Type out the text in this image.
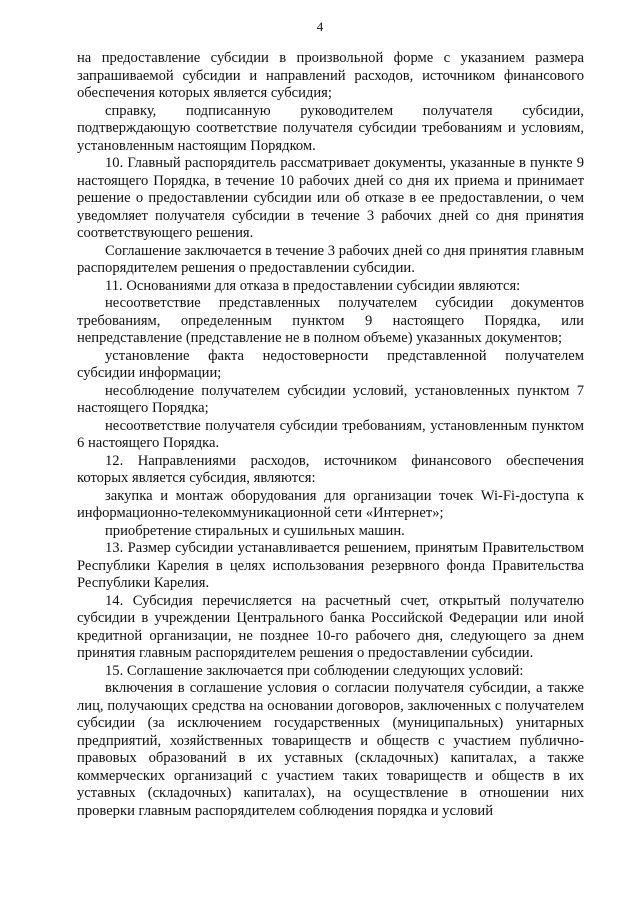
4

на предоставление субсидии в произвольной форме с указанием размера запрашиваемой субсидии и направлений расходов, источником финансового обеспечения которых является субсидия;

справку, подписанную руководителем получателя субсидии, подтверждающую соответствие получателя субсидии требованиям и условиям, установленным настоящим Порядком.

10. Главный распорядитель рассматривает документы, указанные в пункте 9 настоящего Порядка, в течение 10 рабочих дней со дня их приема и принимает решение о предоставлении субсидии или об отказе в ее предоставлении, о чем уведомляет получателя субсидии в течение 3 рабочих дней со дня принятия соответствующего решения.

Соглашение заключается в течение 3 рабочих дней со дня принятия главным распорядителем решения о предоставлении субсидии.

11. Основаниями для отказа в предоставлении субсидии являются:

несоответствие представленных получателем субсидии документов требованиям, определенным пунктом 9 настоящего Порядка, или непредставление (представление не в полном объеме) указанных документов;

установление факта недостоверности представленной получателем субсидии информации;

несоблюдение получателем субсидии условий, установленных пунктом 7 настоящего Порядка;

несоответствие получателя субсидии требованиям, установленным пунктом 6 настоящего Порядка.

12. Направлениями расходов, источником финансового обеспечения которых является субсидия, являются:

закупка и монтаж оборудования для организации точек Wi-Fi-доступа к информационно-телекоммуникационной сети «Интернет»;

приобретение стиральных и сушильных машин.

13. Размер субсидии устанавливается решением, принятым Правительством Республики Карелия в целях использования резервного фонда Правительства Республики Карелия.

14. Субсидия перечисляется на расчетный счет, открытый получателю субсидии в учреждении Центрального банка Российской Федерации или иной кредитной организации, не позднее 10-го рабочего дня, следующего за днем принятия главным распорядителем решения о предоставлении субсидии.

15. Соглашение заключается при соблюдении следующих условий:

включения в соглашение условия о согласии получателя субсидии, а также лиц, получающих средства на основании договоров, заключенных с получателем субсидии (за исключением государственных (муниципальных) унитарных предприятий, хозяйственных товариществ и обществ с участием публично-правовых образований в их уставных (складочных) капиталах, а также коммерческих организаций с участием таких товариществ и обществ в их уставных (складочных) капиталах), на осуществление в отношении них проверки главным распорядителем соблюдения порядка и условий
